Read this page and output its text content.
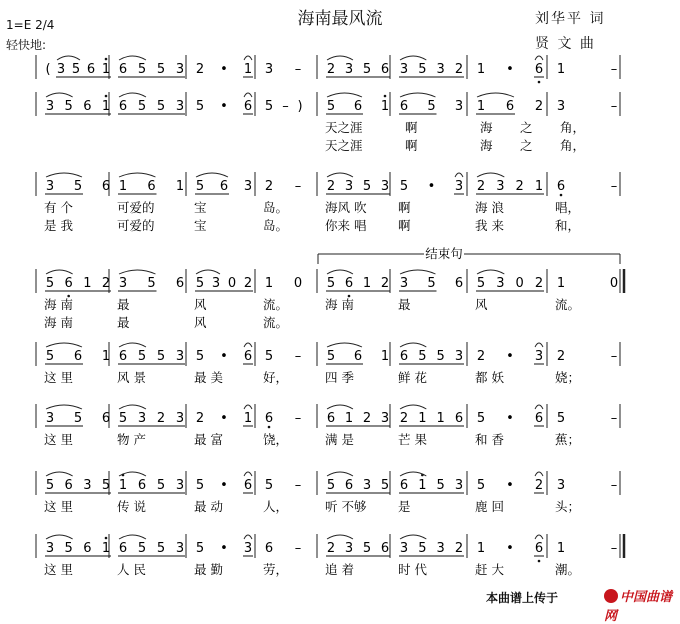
海南最风流	刘华平 词
贤 文 曲
1=E 2/4
轻快地:
( 3 5 6 1 6 5 5 3 2 • 1 3 – 2 3 5 6 3 5 3 2 1 • 6 1	–
3 5 6 1 6 5 5 3 5 • 6 5 – ) 5 6 1 6 5 3 1 6 2 3	–
天之涯	啊	海 之 角，
天之涯	啊	海 之 角，
3 5 6 1 6 1 5 6 3 2 – 2 3 5 3 5 • 3 2 3 2 1 6	–
有 个	可爱的	宝	岛。	海风 吹	啊	海 浪	唱，
是 我	可爱的	宝	岛。	你来 唱	啊	我 来	和，
5 6 1 2 3 5 6 5 3 0 2 1 0 5 6 1 2 3 5 6 5 3 0 2 1	0
海 南	最	风	流。	海 南	最	风	流。
海 南	最	风	流。
5 6 1 6 5 5 3 5 • 6 5 – 5 6 1 6 5 5 3 2 • 3 2	–
这 里	风 景	最 美	好，	四 季	鲜 花	都 妖	娆；
3 5 6 5 3 2 3 2 • 1 6 – 6 1 2 3 2 1 1 6 5 • 6 5	–
这 里	物 产	最 富	饶，	满 是	芒 果	和 香	蕉；
5 6 3 5 1 6 5 3 5 • 6 5 – 5 6 3 5 6 1 5 3 5 • 2 3	–
这 里	传 说	最 动	人，	听 不够	是	鹿 回	头；
3 5 6 1 6 5 5 3 5 • 3 6 – 2 3 5 6 3 5 3 2 1 • 6 1	–
这 里	人 民	最 勤	劳，	追 着	时 代	赶 大	潮。
结束句
本曲谱上传于	中国曲谱网
